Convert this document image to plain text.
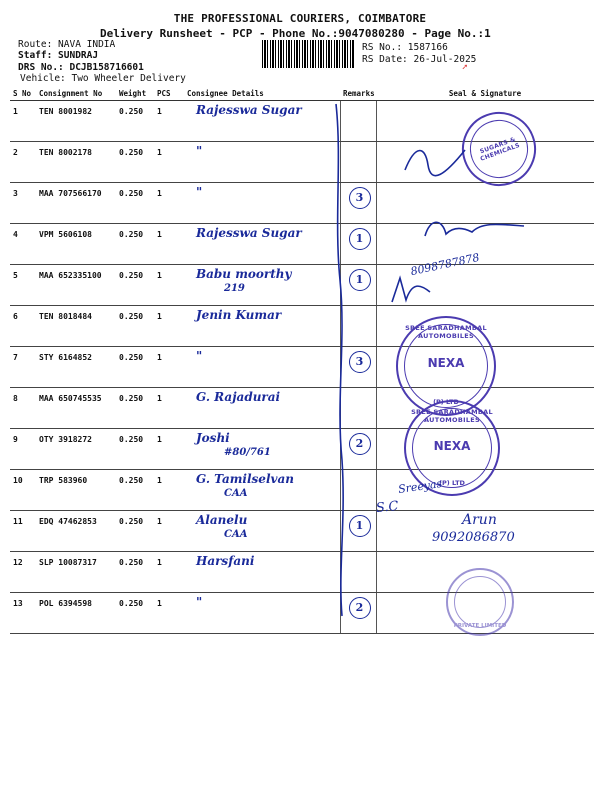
THE PROFESSIONAL COURIERS, COIMBATORE
Delivery Runsheet - PCP - Phone No.:9047080280 - Page No.:1
Route: NAVA INDIA
Staff: SUNDRAJ
DRS No.: DCJB158716601
Vehicle: Two Wheeler Delivery
RS No.: 1587166
RS Date: 26-Jul-2025
➚
S No	Consignment No	Weight	PCS	Consignee Details	Remarks	Seal & Signature
1	TEN 8001982	0.250	1	Rajesswa Sugar		

2	TEN 8002178	0.250	1	"		

3	MAA 707566170	0.250	1	"	3	

4	VPM 5606108	0.250	1	Rajesswa Sugar	1	

5	MAA 652335100	0.250	1	Babu moorthy
219	1	

6	TEN 8018484	0.250	1	Jenin Kumar		

7	STY 6164852	0.250	1	"	3	

8	MAA 650745535	0.250	1	G. Rajadurai		

9	OTY 3918272	0.250	1	Joshi
#80/761	2	

10	TRP 583960	0.250	1	G. Tamilselvan
CAA		

11	EDQ 47462853	0.250	1	Alanelu
CAA	1	

12	SLP 10087317	0.250	1	Harsfani		

13	POL 6394598	0.250	1	"	2	

SUGARS & CHEMICALS
SREE SARADHAMBAL AUTOMOBILES
NEXA
(P) LTD
SREE SARADHAMBAL AUTOMOBILES
NEXA
(P) LTD
PRIVATE LIMITED
8098787878
9092086870
S.C
Sreeyas
Arun
